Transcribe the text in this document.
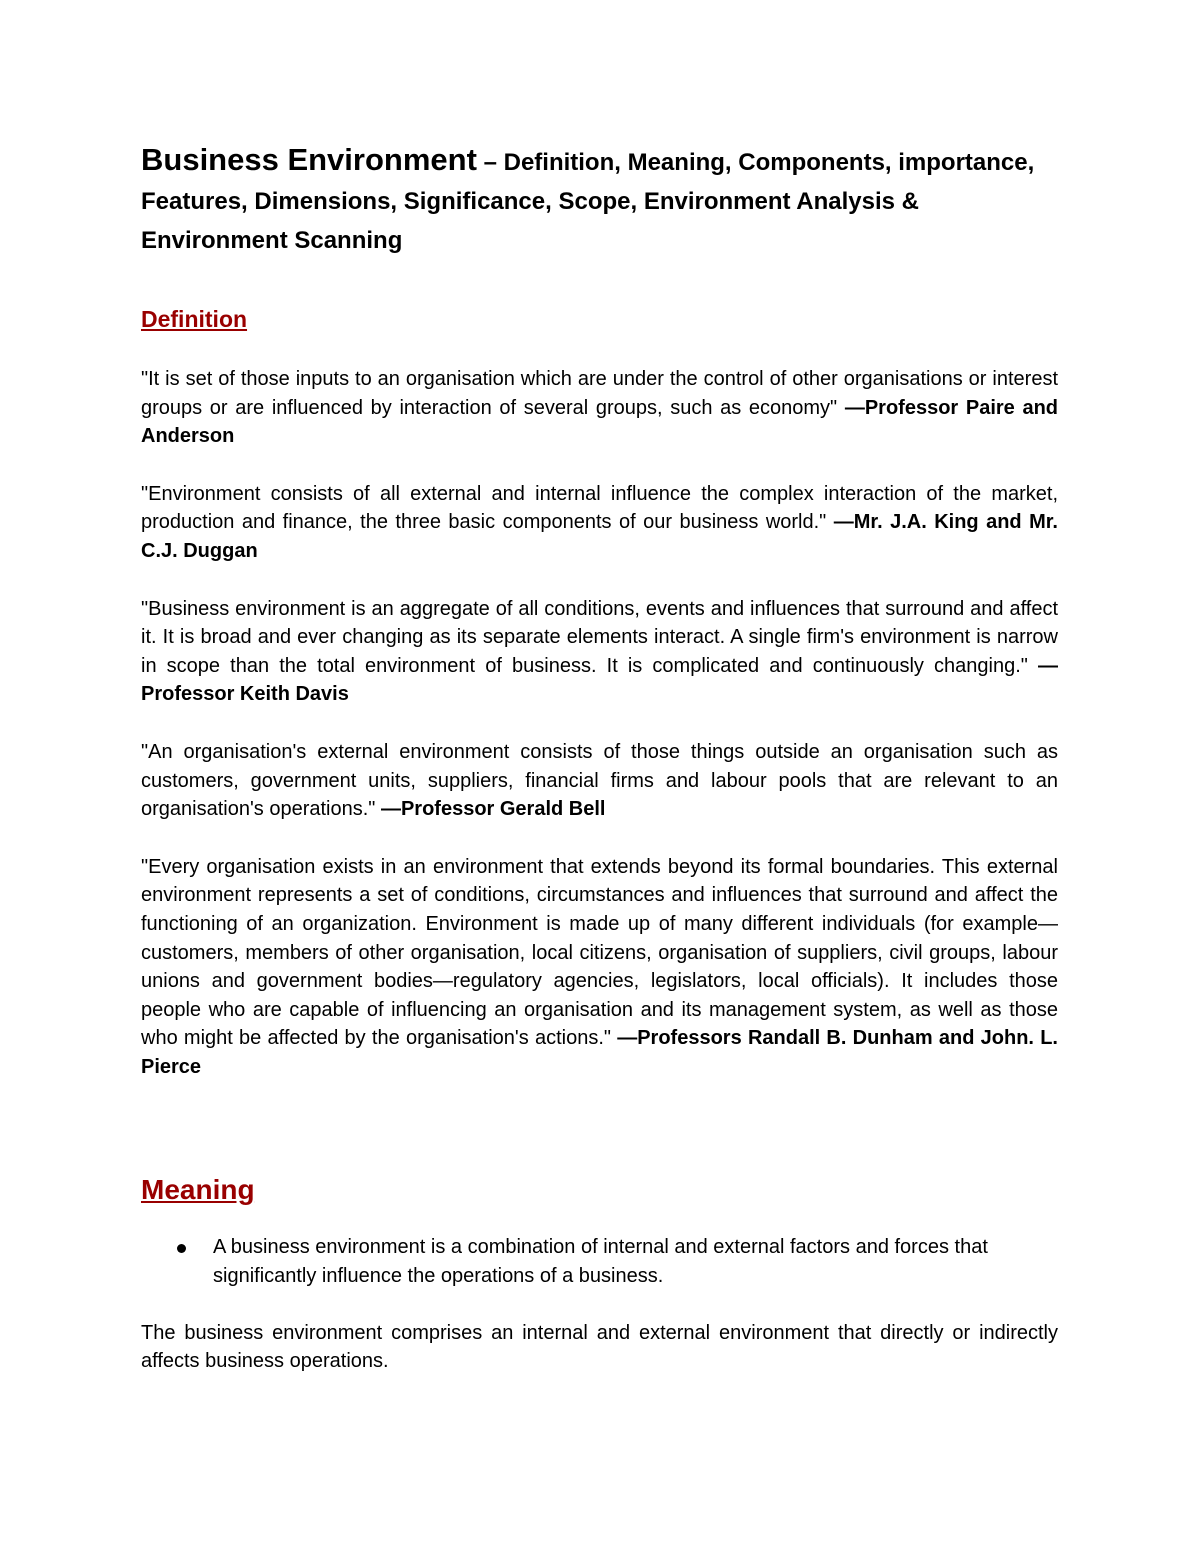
Business Environment – Definition, Meaning, Components, importance, Features, Dimensions, Significance, Scope, Environment Analysis & Environment Scanning
Definition

"It is set of those inputs to an organisation which are under the control of other organisations or interest groups or are influenced by interaction of several groups, such as economy" —Professor Paire and Anderson

"Environment consists of all external and internal influence the complex interaction of the market, production and finance, the three basic components of our business world." —Mr. J.A. King and Mr. C.J. Duggan

"Business environment is an aggregate of all conditions, events and influences that surround and affect it. It is broad and ever changing as its separate elements interact. A single firm's environment is narrow in scope than the total environment of business. It is complicated and continuously changing." —Professor Keith Davis

"An organisation's external environment consists of those things outside an organisation such as customers, government units, suppliers, financial firms and labour pools that are relevant to an organisation's operations." —Professor Gerald Bell

"Every organisation exists in an environment that extends beyond its formal boundaries. This external environment represents a set of conditions, circumstances and influences that surround and affect the functioning of an organization. Environment is made up of many different individuals (for example—customers, members of other organisation, local citizens, organisation of suppliers, civil groups, labour unions and government bodies—regulatory agencies, legislators, local officials). It includes those people who are capable of influencing an organisation and its management system, as well as those who might be affected by the organisation's actions." —Professors Randall B. Dunham and John. L. Pierce

Meaning
A business environment is a combination of internal and external factors and forces that significantly influence the operations of a business.

The business environment comprises an internal and external environment that directly or indirectly affects business operations.
